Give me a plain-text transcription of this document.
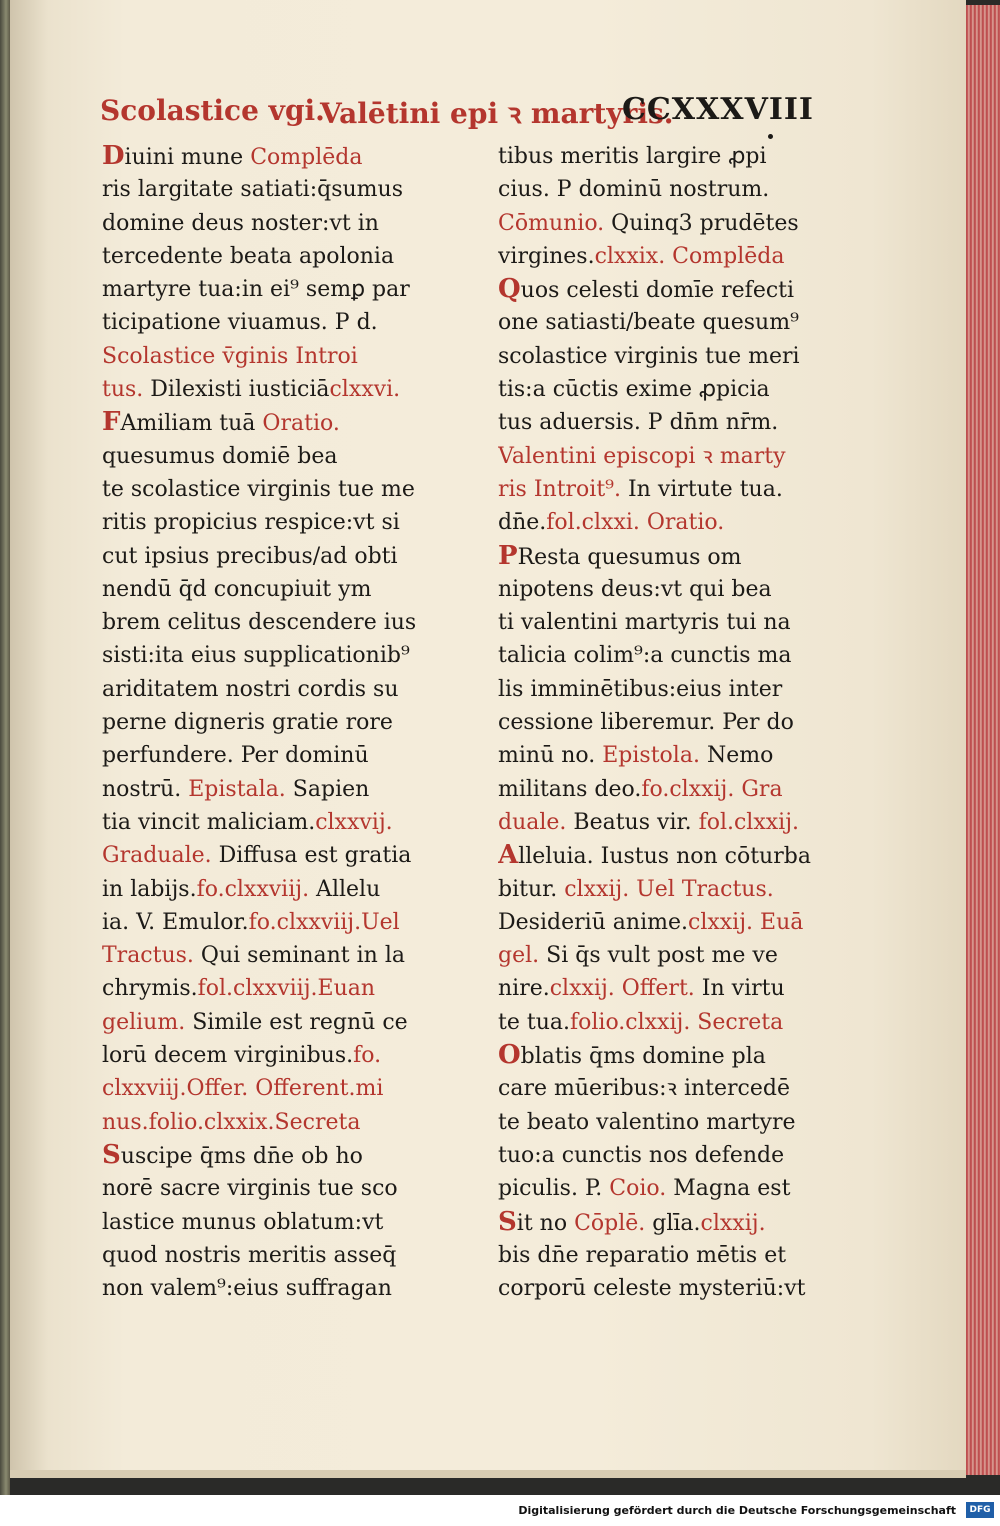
Scolastice vgi.
Valētini epi ꝛ martyris.
CCXXXVIII
Diuini mune Complēda
ris largitate satiati:q̄sumus
domine deus noster:vt in
tercedente beata apolonia
martyre tua:in ei⁹ semꝑ par
ticipatione viuamus. P d.
Scolastice v̄ginis Introi
tus. Dilexisti iusticiāclxxvi.
FAmiliam tuā Oratio.
quesumus domiē bea
te scolastice virginis tue me
ritis propicius respice:vt si
cut ipsius precibus/ad obti
nendū q̄d concupiuit ym
brem celitus descendere ius
sisti:ita eius supplicationib⁹
ariditatem nostri cordis su
perne digneris gratie rore
perfundere. Per dominū
nostrū. Epistala. Sapien
tia vincit maliciam.clxxvij.
Graduale. Diffusa est gratia
in labijs.fo.clxxviij. Allelu
ia. V. Emulor.fo.clxxviij.Uel
Tractus. Qui seminant in la
chrymis.fol.clxxviij.Euan
gelium. Simile est regnū ce
lorū decem virginibus.fo.
clxxviij.Offer. Offerent.mi
nus.folio.clxxix.Secreta
Suscipe q̄ms dn̄e ob ho
norē sacre virginis tue sco
lastice munus oblatum:vt
quod nostris meritis asseq̄
non valem⁹:eius suffragan
tibus meritis largire ꝓpi
cius. P dominū nostrum.
Cōmunio. Quinq3 prudētes
virgines.clxxix. Complēda
Quos celesti domīe refecti
one satiasti/beate quesum⁹
scolastice virginis tue meri
tis:a cūctis exime ꝓpicia
tus aduersis. P dn̄m nr̄m.
Valentini episcopi ꝛ marty
ris Introit⁹. In virtute tua.
dn̄e.fol.clxxi. Oratio.
PResta quesumus om
nipotens deus:vt qui bea
ti valentini martyris tui na
talicia colim⁹:a cunctis ma
lis imminētibus:eius inter
cessione liberemur. Per do
minū no. Epistola. Nemo
militans deo.fo.clxxij. Gra
duale. Beatus vir. fol.clxxij.
Alleluia. Iustus non cōturba
bitur. clxxij. Uel Tractus.
Desideriū anime.clxxij. Euā
gel. Si q̄s vult post me ve
nire.clxxij. Offert. In virtu
te tua.folio.clxxij. Secreta
Oblatis q̄ms domine pla
care mūeribus:ꝛ intercedē
te beato valentino martyre
tuo:a cunctis nos defende
piculis. P. Coio. Magna est
Sit no Cōplē. glīa.clxxij.
bis dn̄e reparatio mētis et
corporū celeste mysteriū:vt
Digitalisierung gefördert durch die Deutsche Forschungsgemeinschaft	DFG
